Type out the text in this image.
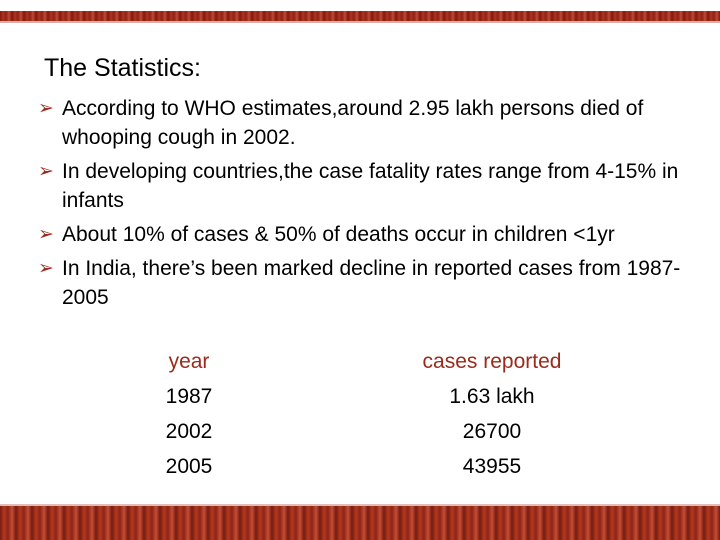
The Statistics:
➢ According to WHO estimates,around 2.95 lakh persons died of whooping cough in 2002.
➢ In developing countries,the case fatality rates range from 4-15% in infants
➢ About 10% of cases & 50% of deaths occur in children <1yr
➢ In India, there’s been marked decline in reported cases from 1987-2005
year	cases reported
1987	1.63 lakh
2002	26700
2005	43955
